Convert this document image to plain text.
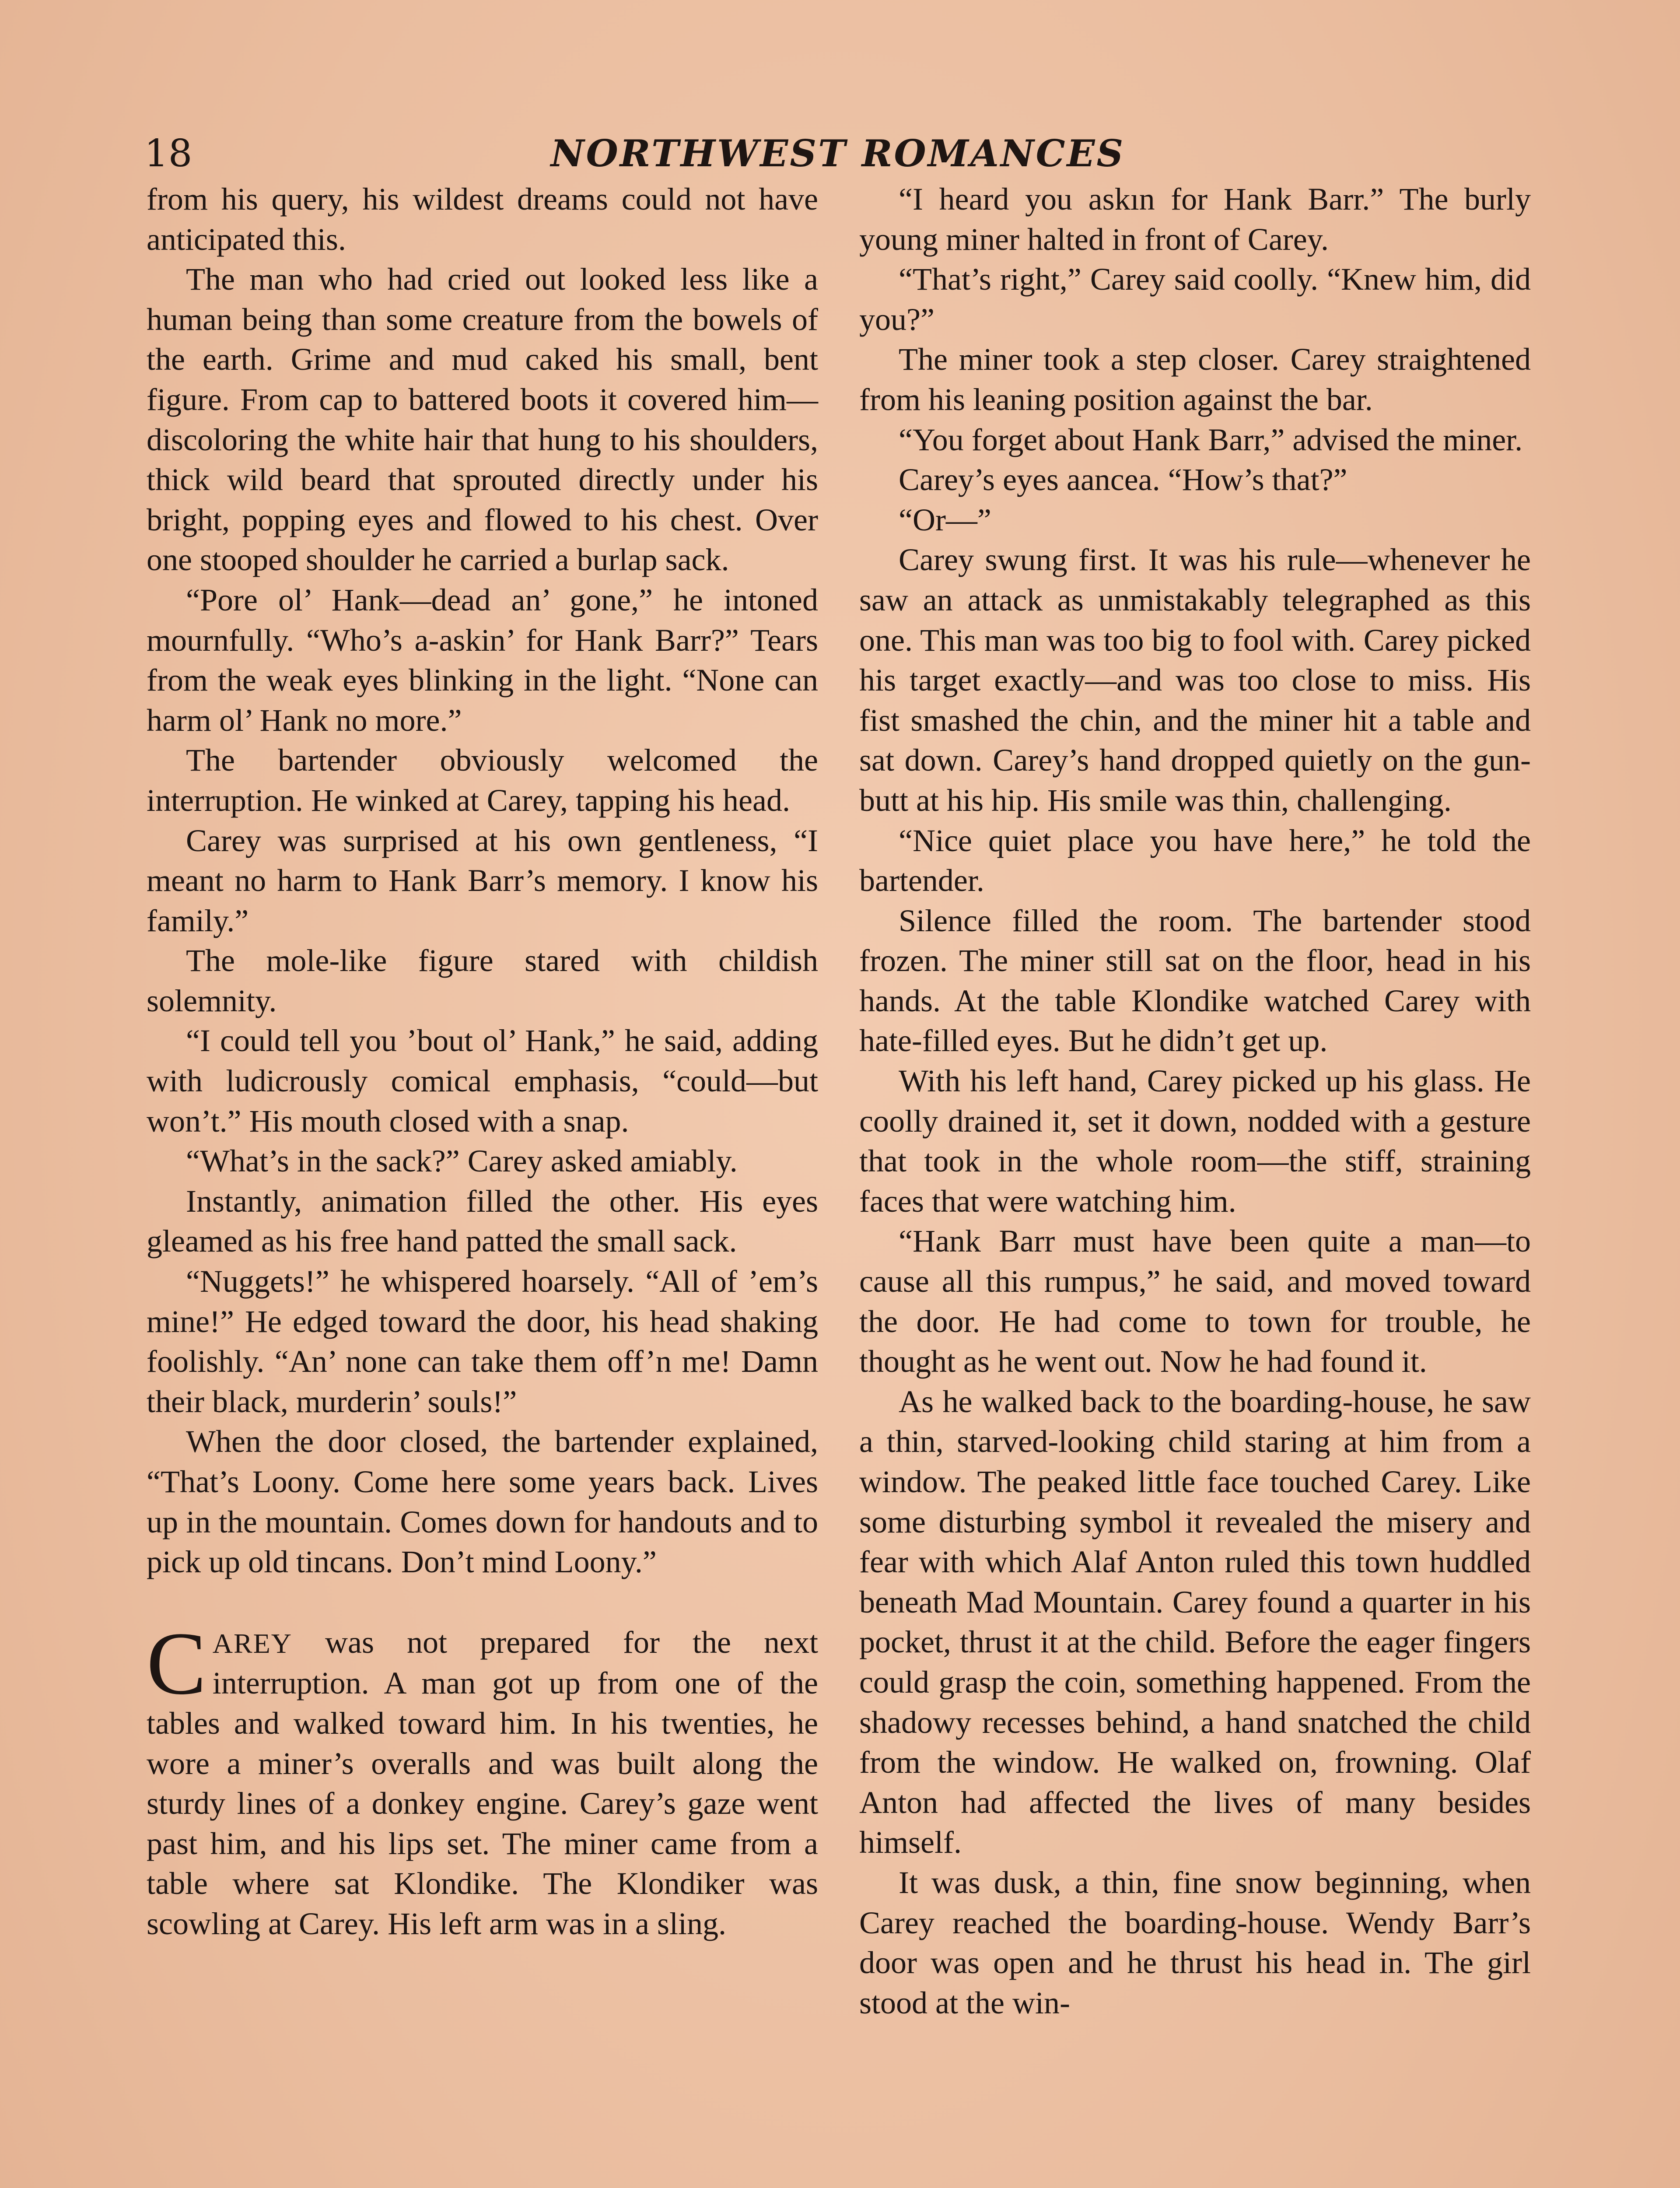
18	NORTHWEST ROMANCES

from his query, his wildest dreams could not have anticipated this.

The man who had cried out looked less like a human being than some creature from the bowels of the earth. Grime and mud caked his small, bent figure. From cap to battered boots it covered him—discoloring the white hair that hung to his shoulders, thick wild beard that sprouted directly under his bright, popping eyes and flowed to his chest. Over one stooped shoulder he carried a burlap sack.

“Pore ol’ Hank—dead an’ gone,” he intoned mournfully. “Who’s a-askin’ for Hank Barr?” Tears from the weak eyes blinking in the light. “None can harm ol’ Hank no more.”

The bartender obviously welcomed the interruption. He winked at Carey, tapping his head.

Carey was surprised at his own gentleness, “I meant no harm to Hank Barr’s memory. I know his family.”

The mole-like figure stared with childish solemnity.

“I could tell you ’bout ol’ Hank,” he said, adding with ludicrously comical emphasis, “could—but won’t.” His mouth closed with a snap.

“What’s in the sack?” Carey asked amiably.

Instantly, animation filled the other. His eyes gleamed as his free hand patted the small sack.

“Nuggets!” he whispered hoarsely. “All of ’em’s mine!” He edged toward the door, his head shaking foolishly. “An’ none can take them off’n me! Damn their black, murderin’ souls!”

When the door closed, the bartender explained, “That’s Loony. Come here some years back. Lives up in the mountain. Comes down for handouts and to pick up old tincans. Don’t mind Loony.”

CAREY was not prepared for the next interruption. A man got up from one of the tables and walked toward him. In his twenties, he wore a miner’s overalls and was built along the sturdy lines of a donkey engine. Carey’s gaze went past him, and his lips set. The miner came from a table where sat Klondike. The Klondiker was scowling at Carey. His left arm was in a sling.

“I heard you askın for Hank Barr.” The burly young miner halted in front of Carey.

“That’s right,” Carey said coolly. “Knew him, did you?”

The miner took a step closer. Carey straightened from his leaning position against the bar.

“You forget about Hank Barr,” advised the miner.

Carey’s eyes aancea. “How’s that?”

“Or—”

Carey swung first. It was his rule—whenever he saw an attack as unmistakably telegraphed as this one. This man was too big to fool with. Carey picked his target exactly—and was too close to miss. His fist smashed the chin, and the miner hit a table and sat down. Carey’s hand dropped quietly on the gun-butt at his hip. His smile was thin, challenging.

“Nice quiet place you have here,” he told the bartender.

Silence filled the room. The bartender stood frozen. The miner still sat on the floor, head in his hands. At the table Klondike watched Carey with hate-filled eyes. But he didn’t get up.

With his left hand, Carey picked up his glass. He coolly drained it, set it down, nodded with a gesture that took in the whole room—the stiff, straining faces that were watching him.

“Hank Barr must have been quite a man—to cause all this rumpus,” he said, and moved toward the door. He had come to town for trouble, he thought as he went out. Now he had found it.

As he walked back to the boarding-house, he saw a thin, starved-looking child staring at him from a window. The peaked little face touched Carey. Like some disturbing symbol it revealed the misery and fear with which Alaf Anton ruled this town huddled beneath Mad Mountain. Carey found a quarter in his pocket, thrust it at the child. Before the eager fingers could grasp the coin, something happened. From the shadowy recesses behind, a hand snatched the child from the window. He walked on, frowning. Olaf Anton had affected the lives of many besides himself.

It was dusk, a thin, fine snow beginning, when Carey reached the boarding-house. Wendy Barr’s door was open and he thrust his head in. The girl stood at the win-
